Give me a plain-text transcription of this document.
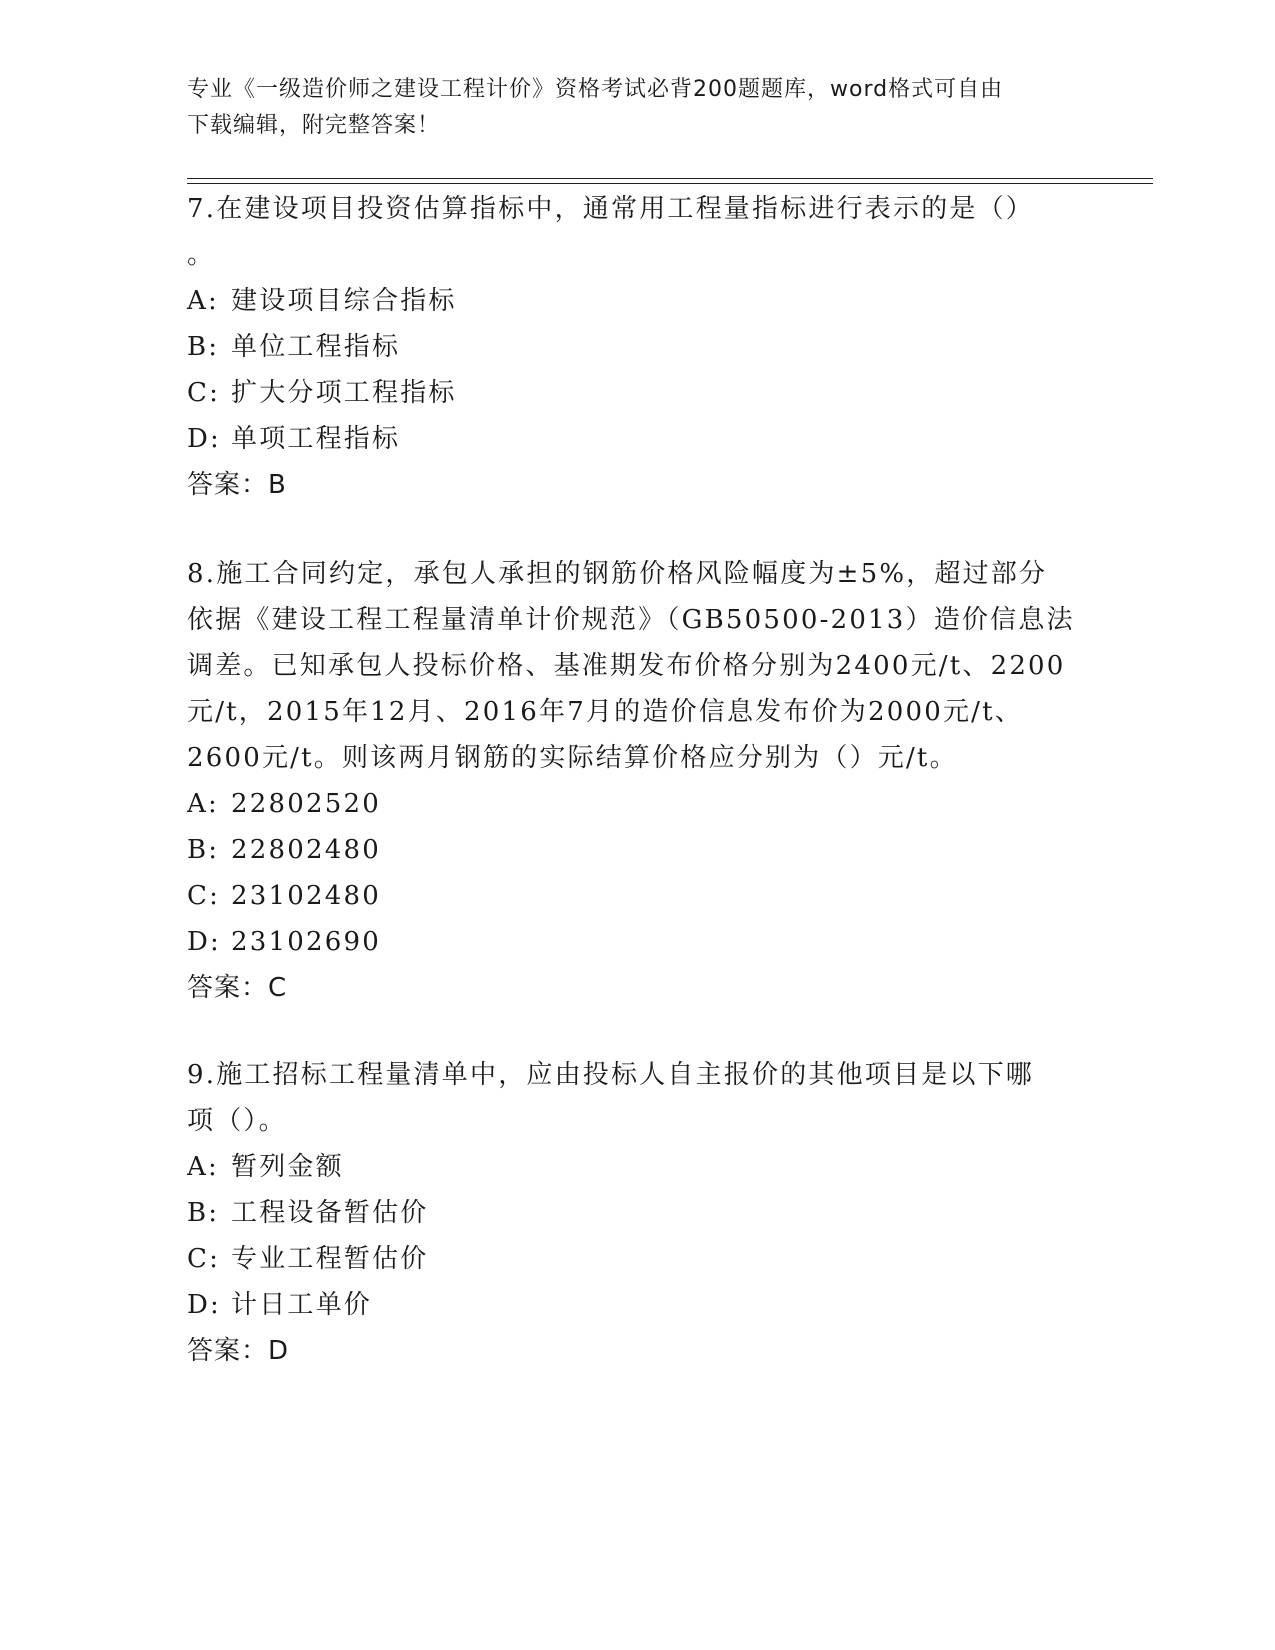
专业《一级造价师之建设工程计价》资格考试必背200题题库，word格式可自由
下载编辑，附完整答案！
7.在建设项目投资估算指标中，通常用工程量指标进行表示的是（）
。
A: 建设项目综合指标
B: 单位工程指标
C: 扩大分项工程指标
D: 单项工程指标
答案：B
8.施工合同约定，承包人承担的钢筋价格风险幅度为±5%，超过部分
依据《建设工程工程量清单计价规范》（GB50500-2013）造价信息法
调差。已知承包人投标价格、基准期发布价格分别为2400元/t、2200
元/t，2015年12月、2016年7月的造价信息发布价为2000元/t、
2600元/t。则该两月钢筋的实际结算价格应分别为（）元/t。
A: 22802520
B: 22802480
C: 23102480
D: 23102690
答案：C
9.施工招标工程量清单中，应由投标人自主报价的其他项目是以下哪
项（）。
A: 暂列金额
B: 工程设备暂估价
C: 专业工程暂估价
D: 计日工单价
答案：D
